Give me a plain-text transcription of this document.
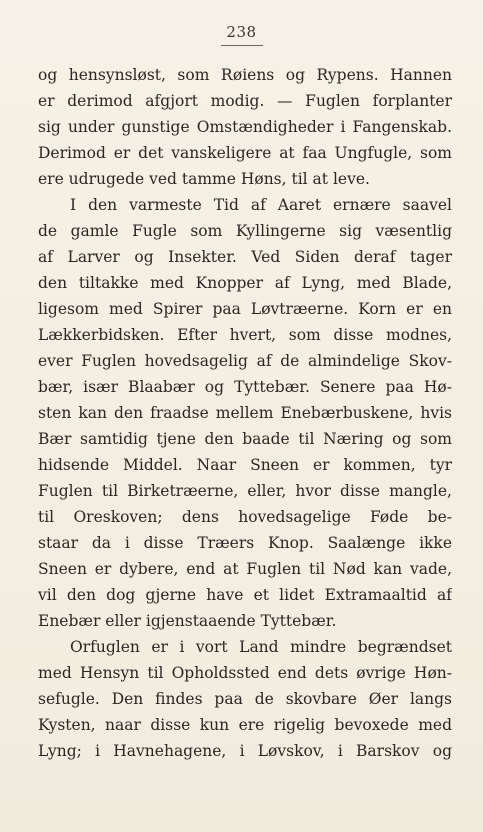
238
og hensynsløst, som Røiens og Rypens. Hannen
er derimod afgjort modig. — Fuglen forplanter
sig under gunstige Omstændigheder i Fangenskab.
Derimod er det vanskeligere at faa Ungfugle, som
ere udrugede ved tamme Høns, til at leve.
I den varmeste Tid af Aaret ernære saavel
de gamle Fugle som Kyllingerne sig væsentlig
af Larver og Insekter. Ved Siden deraf tager
den tiltakke med Knopper af Lyng, med Blade,
ligesom med Spirer paa Løvtræerne. Korn er en
Lækkerbidsken. Efter hvert, som disse modnes,
ever Fuglen hovedsagelig af de almindelige Skov-
bær, især Blaabær og Tyttebær. Senere paa Hø-
sten kan den fraadse mellem Enebærbuskene, hvis
Bær samtidig tjene den baade til Næring og som
hidsende Middel. Naar Sneen er kommen, tyr
Fuglen til Birketræerne, eller, hvor disse mangle,
til Oreskoven; dens hovedsagelige Føde be-
staar da i disse Træers Knop. Saalænge ikke
Sneen er dybere, end at Fuglen til Nød kan vade,
vil den dog gjerne have et lidet Extramaaltid af
Enebær eller igjenstaaende Tyttebær.
Orfuglen er i vort Land mindre begrændset
med Hensyn til Opholdssted end dets øvrige Høn-
sefugle. Den findes paa de skovbare Øer langs
Kysten, naar disse kun ere rigelig bevoxede med
Lyng; i Havnehagene, i Løvskov, i Barskov og
